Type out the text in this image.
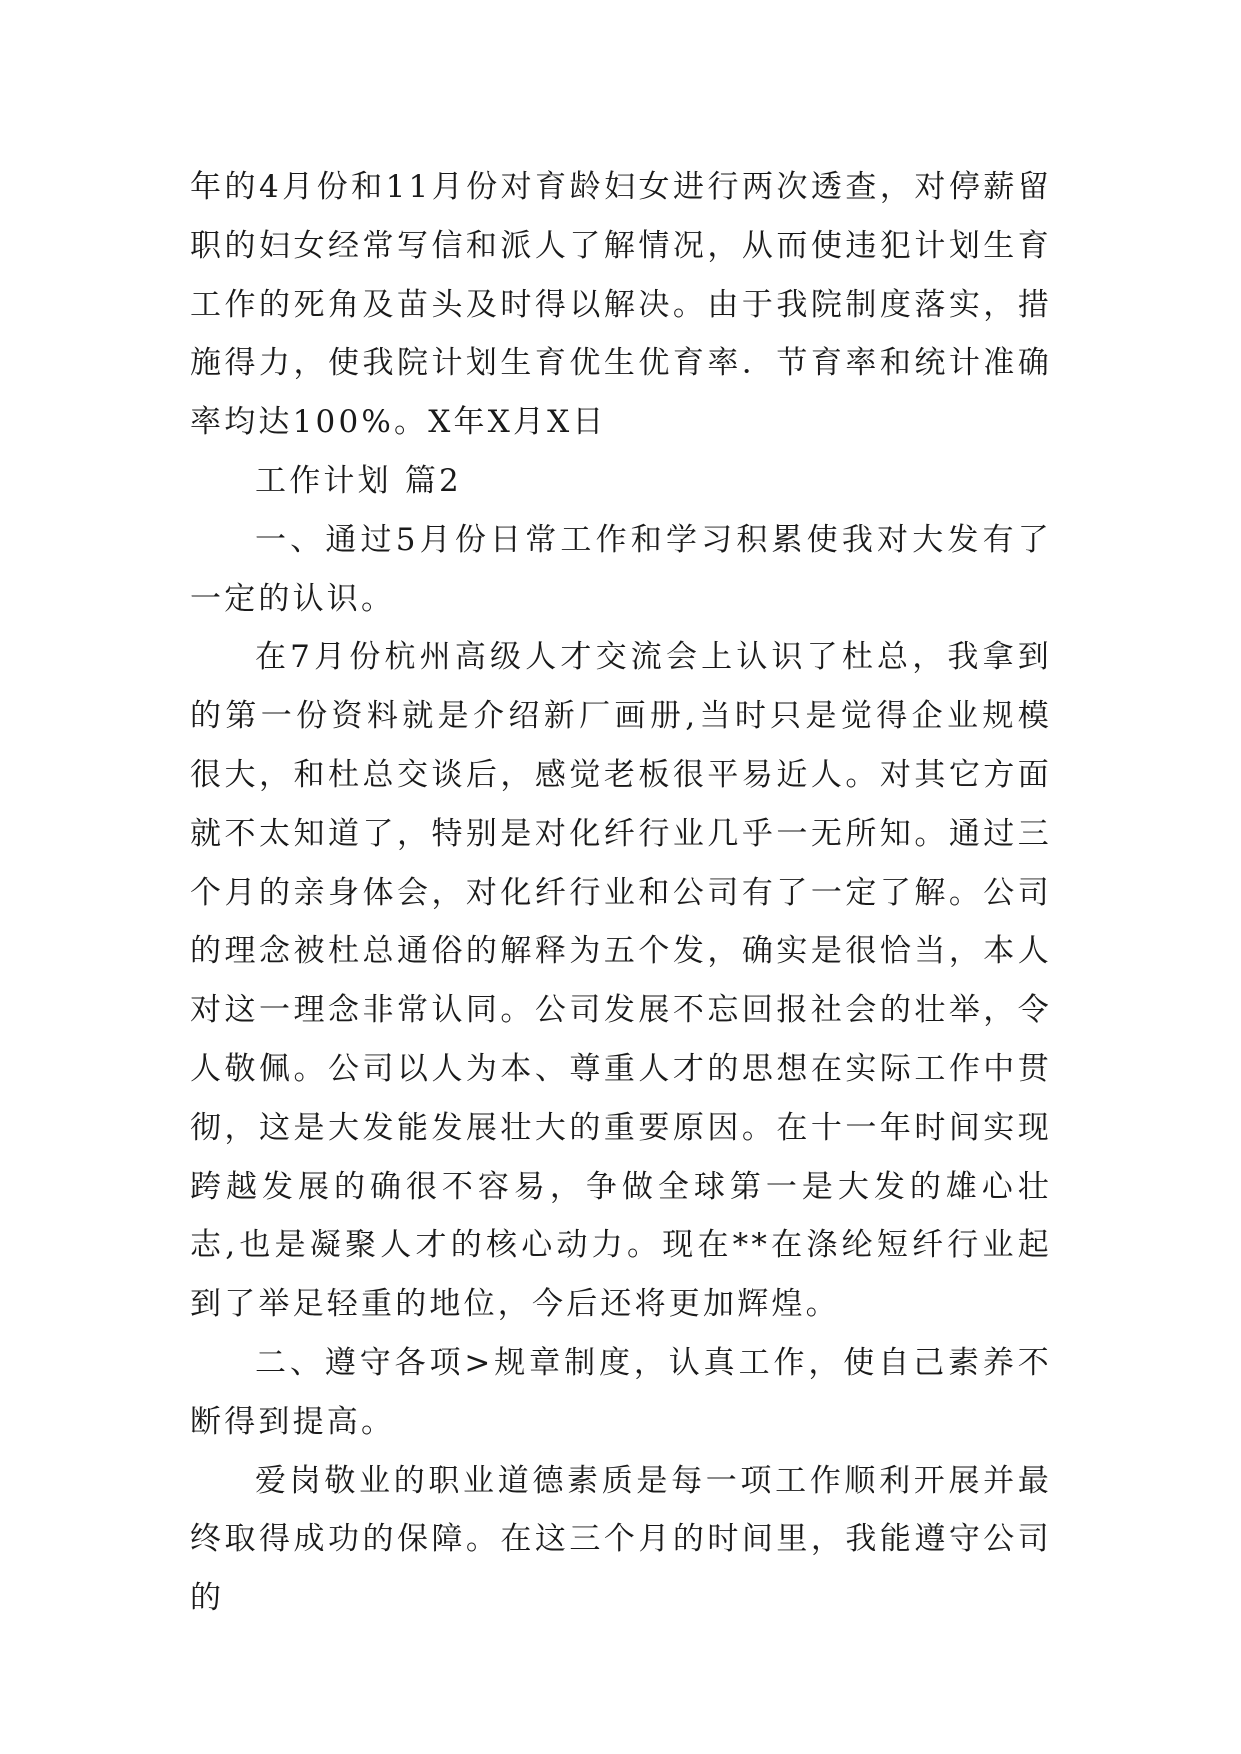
年的4月份和11月份对育龄妇女进行两次透查，对停薪留职的妇女经常写信和派人了解情况，从而使违犯计划生育工作的死角及苗头及时得以解决。由于我院制度落实，措施得力，使我院计划生育优生优育率．节育率和统计准确率均达100%。X年X月X日

工作计划 篇2

一、通过5月份日常工作和学习积累使我对大发有了一定的认识。

在7月份杭州高级人才交流会上认识了杜总，我拿到的第一份资料就是介绍新厂画册,当时只是觉得企业规模很大，和杜总交谈后，感觉老板很平易近人。对其它方面就不太知道了，特别是对化纤行业几乎一无所知。通过三个月的亲身体会，对化纤行业和公司有了一定了解。公司的理念被杜总通俗的解释为五个发，确实是很恰当，本人对这一理念非常认同。公司发展不忘回报社会的壮举，令人敬佩。公司以人为本、尊重人才的思想在实际工作中贯彻，这是大发能发展壮大的重要原因。在十一年时间实现跨越发展的确很不容易，争做全球第一是大发的雄心壮志,也是凝聚人才的核心动力。现在**在涤纶短纤行业起到了举足轻重的地位，今后还将更加辉煌。

二、遵守各项>规章制度，认真工作，使自己素养不断得到提高。

爱岗敬业的职业道德素质是每一项工作顺利开展并最终取得成功的保障。在这三个月的时间里，我能遵守公司的
